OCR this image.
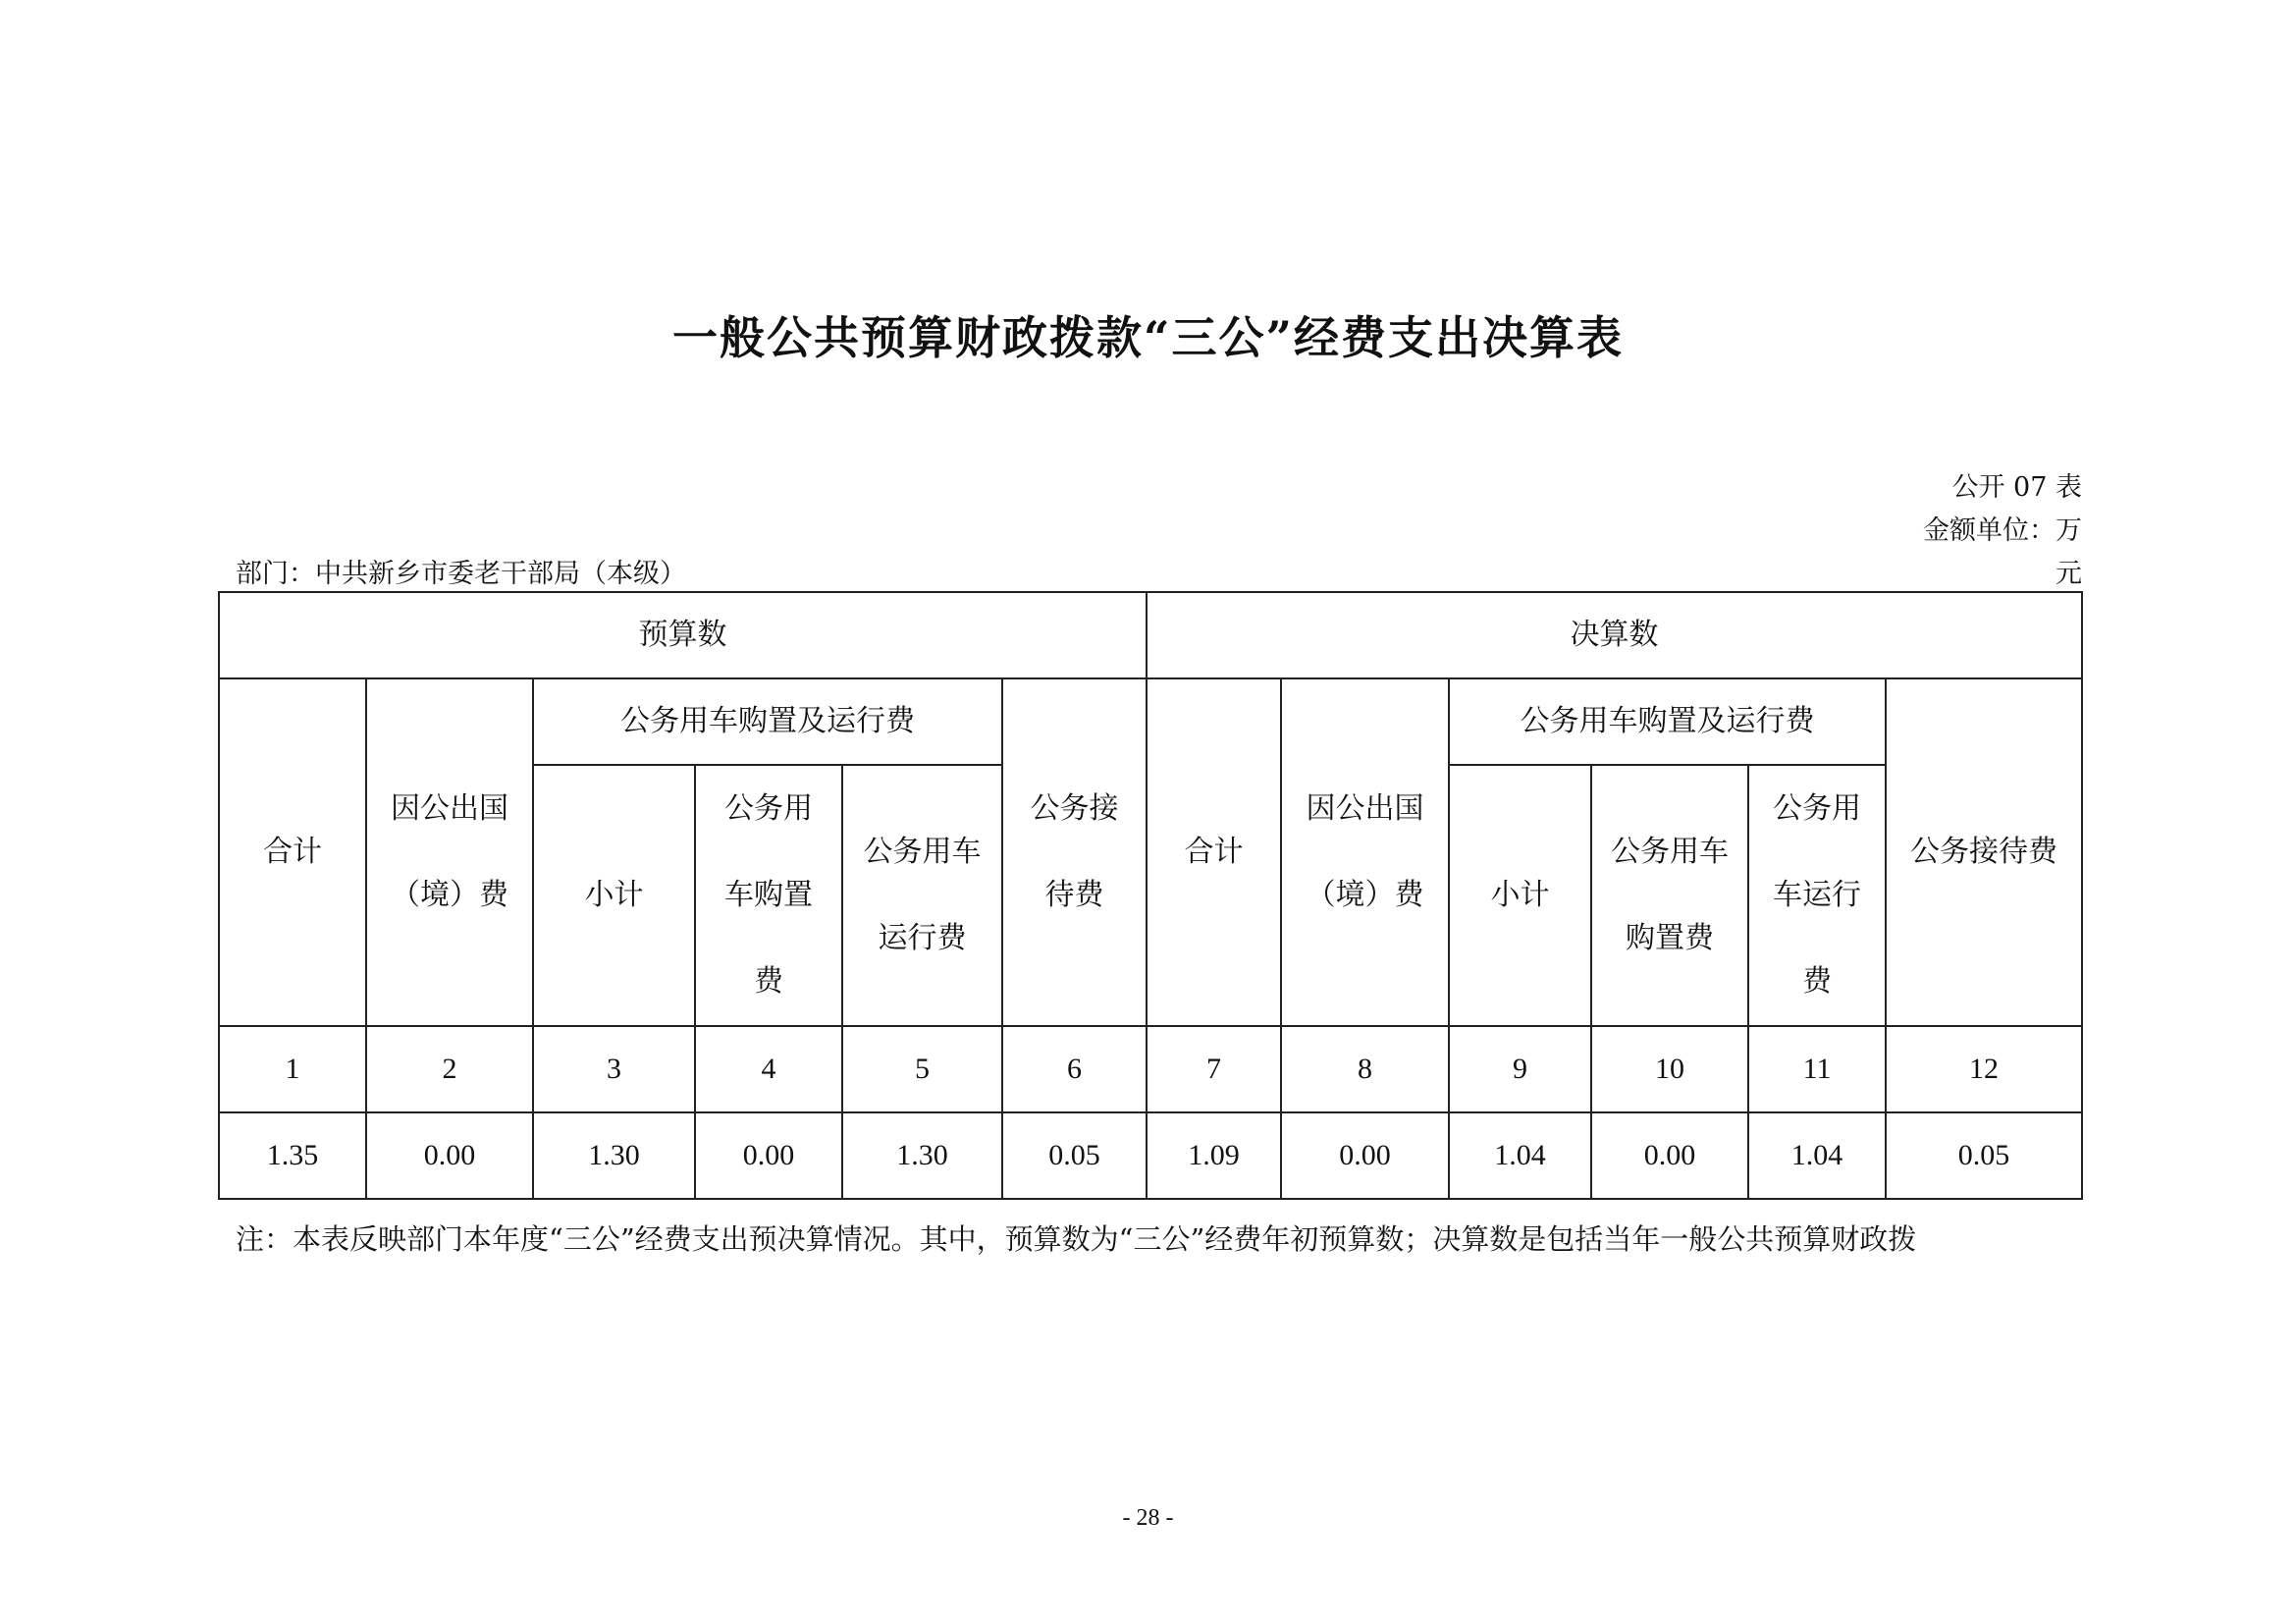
一般公共预算财政拨款“三公”经费支出决算表
公开 07 表
金额单位：万
元
部门：中共新乡市委老干部局（本级）
预算数						决算数					
合计	因公出国（境）费	公务用车购置及运行费			公务接待费	合计	因公出国（境）费	公务用车购置及运行费			公务接待费
		小计	公务用车购置费	公务用车运行费				小计	公务用车购置费	公务用车运行费	
1	2	3	4	5	6	7	8	9	10	11	12
1.35	0.00	1.30	0.00	1.30	0.05	1.09	0.00	1.04	0.00	1.04	0.05
注：本表反映部门本年度“三公”经费支出预决算情况。其中，预算数为“三公”经费年初预算数；决算数是包括当年一般公共预算财政拨
- 28 -
